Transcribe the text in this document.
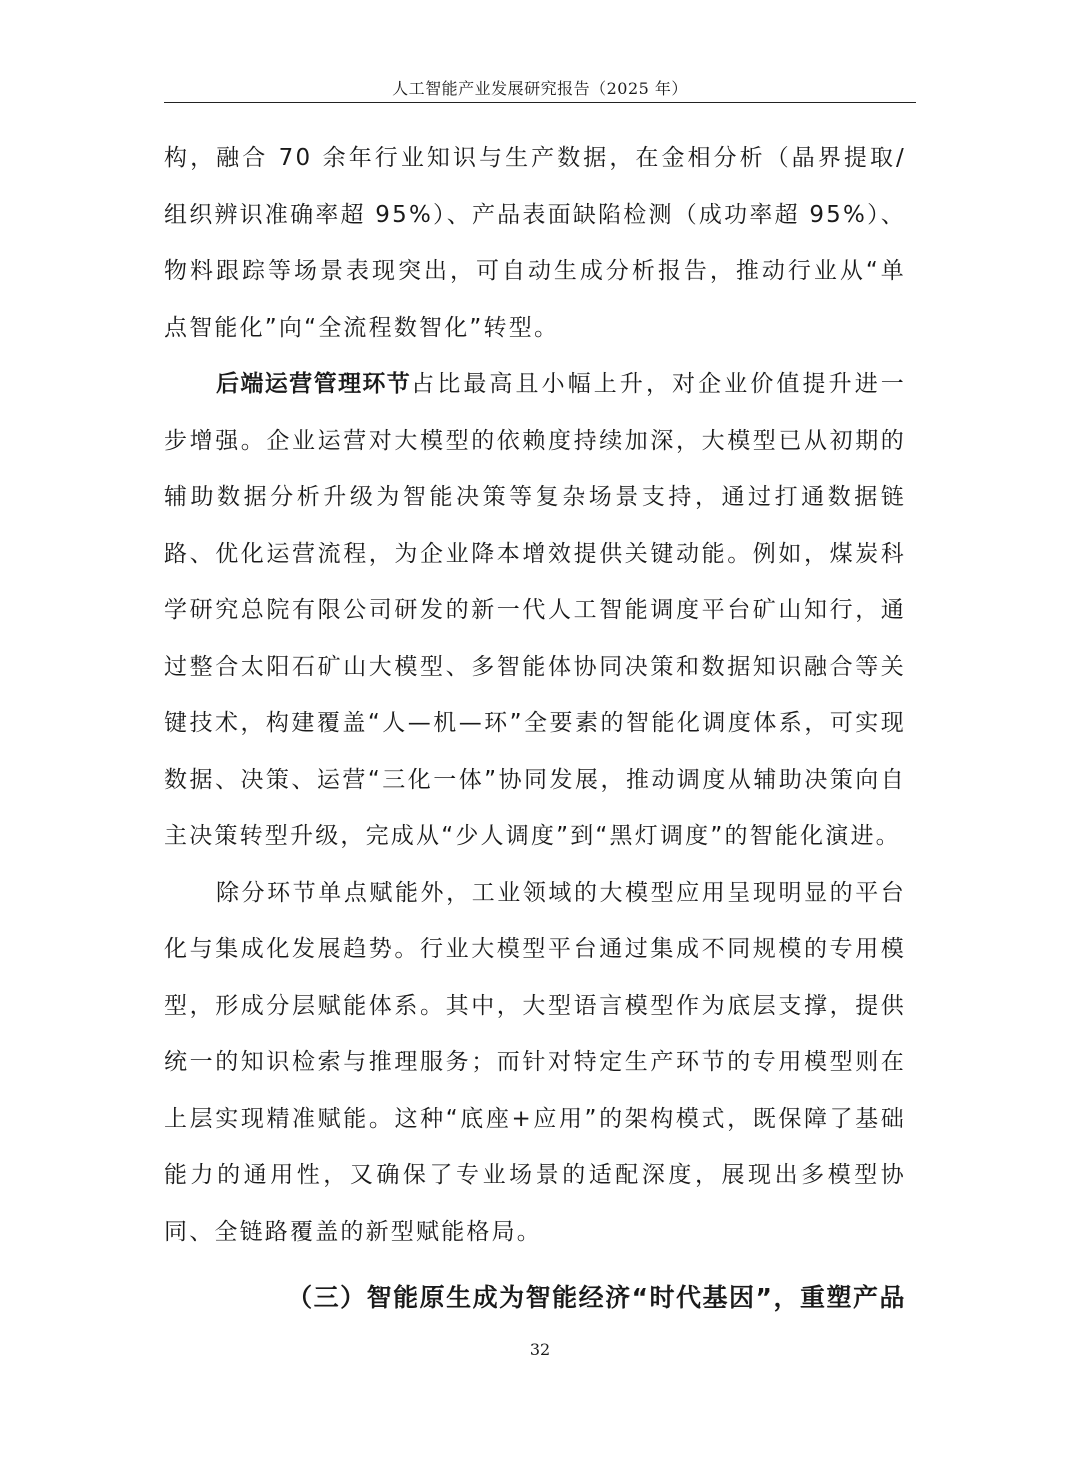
人工智能产业发展研究报告（2025 年）

构，融合 70 余年行业知识与生产数据，在金相分析（晶界提取/组织辨识准确率超 95%）、产品表面缺陷检测（成功率超 95%）、物料跟踪等场景表现突出，可自动生成分析报告，推动行业从“单点智能化”向“全流程数智化”转型。

后端运营管理环节占比最高且小幅上升，对企业价值提升进一步增强。企业运营对大模型的依赖度持续加深，大模型已从初期的辅助数据分析升级为智能决策等复杂场景支持，通过打通数据链路、优化运营流程，为企业降本增效提供关键动能。例如，煤炭科学研究总院有限公司研发的新一代人工智能调度平台矿山知行，通过整合太阳石矿山大模型、多智能体协同决策和数据知识融合等关键技术，构建覆盖“人—机—环”全要素的智能化调度体系，可实现数据、决策、运营“三化一体”协同发展，推动调度从辅助决策向自主决策转型升级，完成从“少人调度”到“黑灯调度”的智能化演进。

除分环节单点赋能外，工业领域的大模型应用呈现明显的平台化与集成化发展趋势。行业大模型平台通过集成不同规模的专用模型，形成分层赋能体系。其中，大型语言模型作为底层支撑，提供统一的知识检索与推理服务；而针对特定生产环节的专用模型则在上层实现精准赋能。这种“底座+应用”的架构模式，既保障了基础能力的通用性，又确保了专业场景的适配深度，展现出多模型协同、全链路覆盖的新型赋能格局。

（三）智能原生成为智能经济“时代基因”，重塑产品
32
